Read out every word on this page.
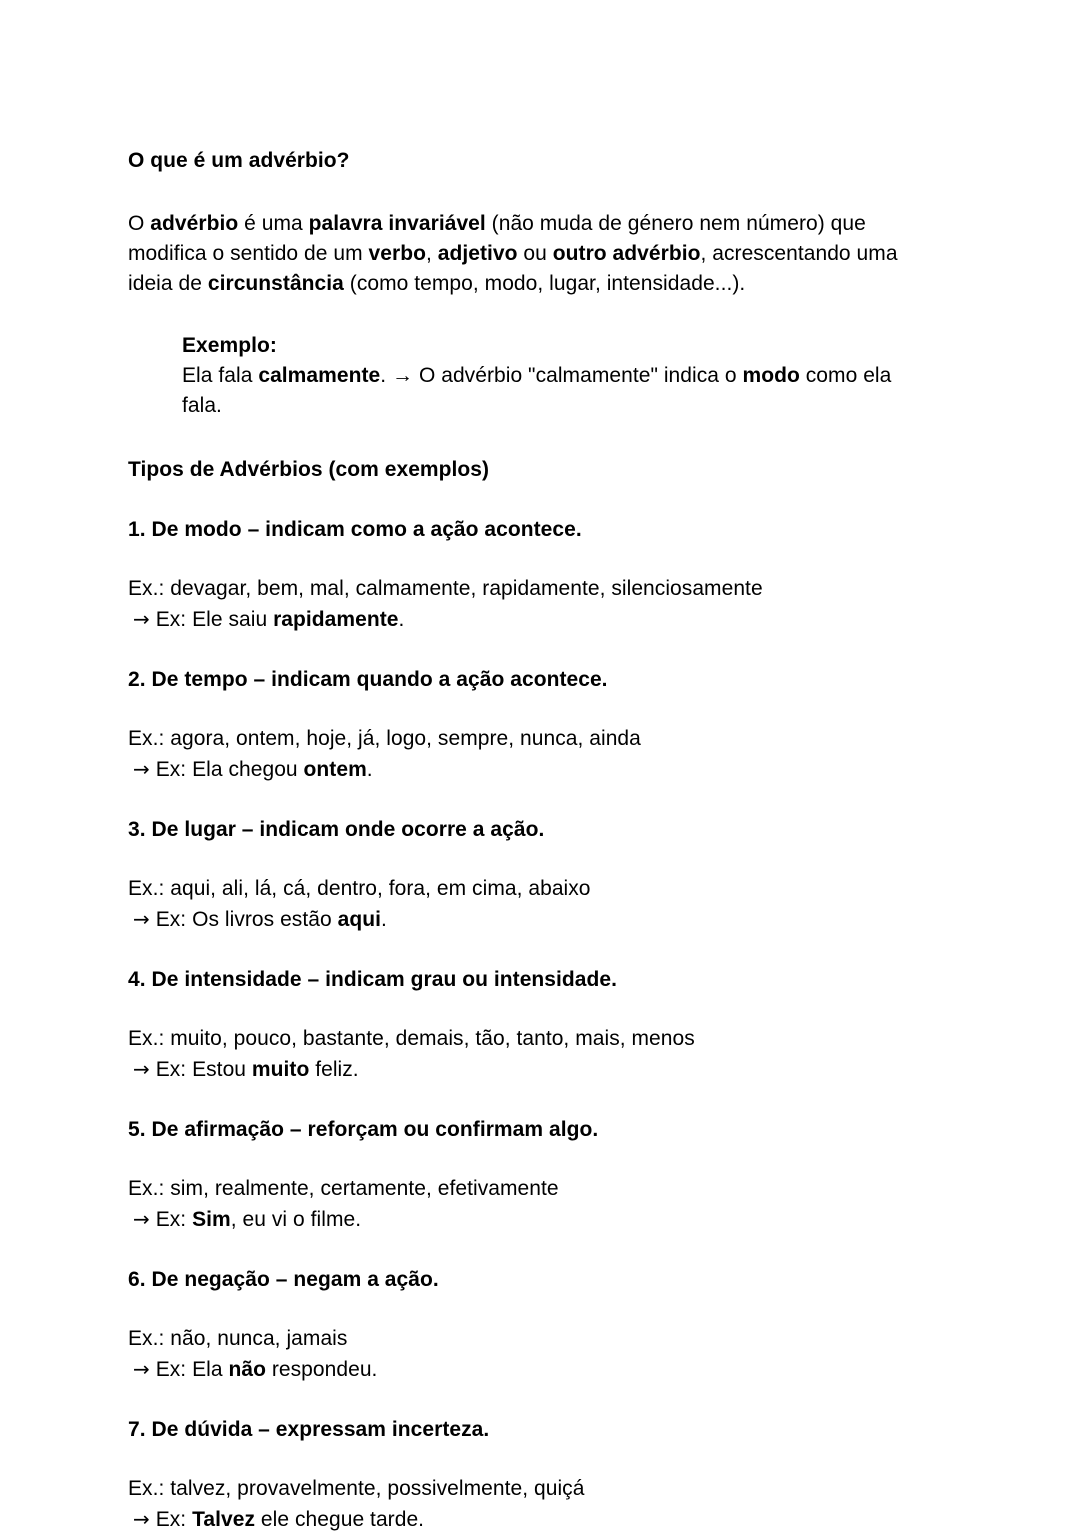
O que é um advérbio?

O advérbio é uma palavra invariável (não muda de género nem número) que modifica o sentido de um verbo, adjetivo ou outro advérbio, acrescentando uma ideia de circunstância (como tempo, modo, lugar, intensidade...).

Exemplo:
Ela fala calmamente. → O advérbio "calmamente" indica o modo como ela fala.
Tipos de Advérbios (com exemplos)
1. De modo – indicam como a ação acontece.
Ex.: devagar, bem, mal, calmamente, rapidamente, silenciosamente
→ Ex: Ele saiu rapidamente.
2. De tempo – indicam quando a ação acontece.
Ex.: agora, ontem, hoje, já, logo, sempre, nunca, ainda
→ Ex: Ela chegou ontem.
3. De lugar – indicam onde ocorre a ação.
Ex.: aqui, ali, lá, cá, dentro, fora, em cima, abaixo
→ Ex: Os livros estão aqui.
4. De intensidade – indicam grau ou intensidade.
Ex.: muito, pouco, bastante, demais, tão, tanto, mais, menos
→ Ex: Estou muito feliz.
5. De afirmação – reforçam ou confirmam algo.
Ex.: sim, realmente, certamente, efetivamente
→ Ex: Sim, eu vi o filme.
6. De negação – negam a ação.
Ex.: não, nunca, jamais
→ Ex: Ela não respondeu.
7. De dúvida – expressam incerteza.
Ex.: talvez, provavelmente, possivelmente, quiçá
→ Ex: Talvez ele chegue tarde.
